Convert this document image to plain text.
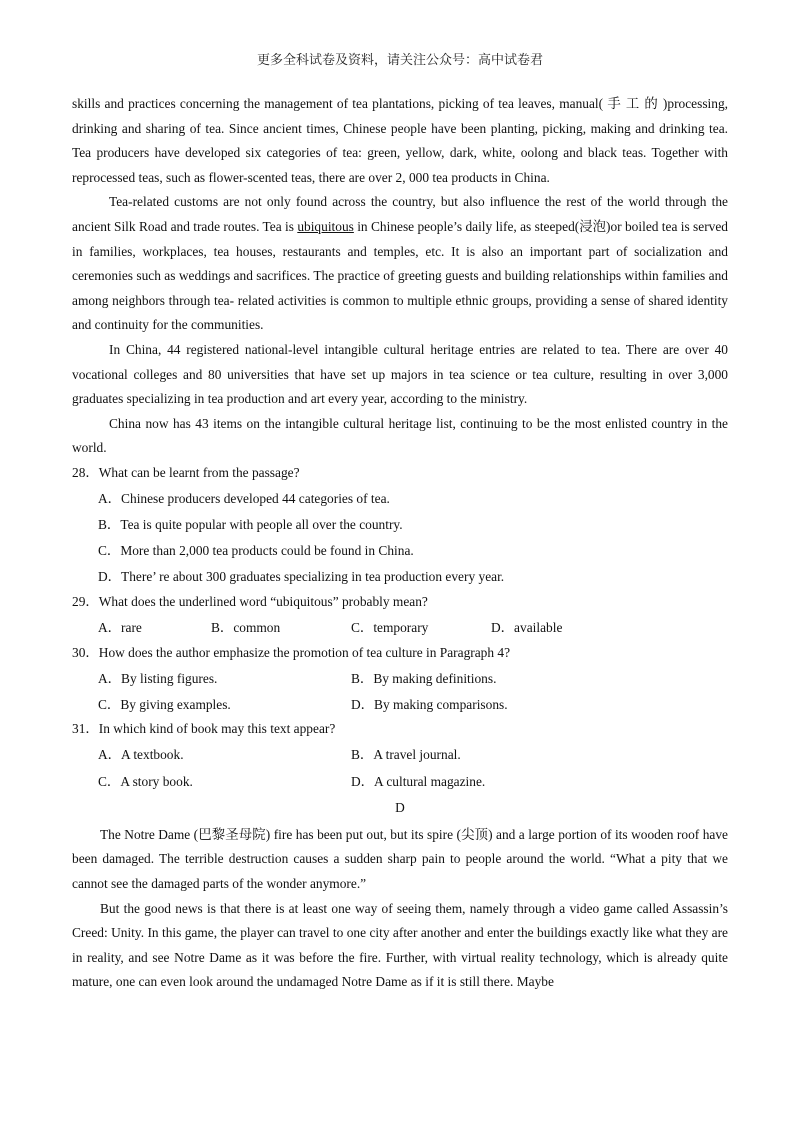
更多全科试卷及资料，请关注公众号：高中试卷君

skills and practices concerning the management of tea plantations, picking of tea leaves, manual( 手 工 的 )processing, drinking and sharing of tea. Since ancient times, Chinese people have been planting, picking, making and drinking tea. Tea producers have developed six categories of tea: green, yellow, dark, white, oolong and black teas. Together with reprocessed teas, such as flower-scented teas, there are over 2, 000 tea products in China.

Tea-related customs are not only found across the country, but also influence the rest of the world through the ancient Silk Road and trade routes. Tea is ubiquitous in Chinese people’s daily life, as steeped(浸泡)or boiled tea is served in families, workplaces, tea houses, restaurants and temples, etc. It is also an important part of socialization and ceremonies such as weddings and sacrifices. The practice of greeting guests and building relationships within families and among neighbors through tea- related activities is common to multiple ethnic groups, providing a sense of shared identity and continuity for the communities.

In China, 44 registered national-level intangible cultural heritage entries are related to tea. There are over 40 vocational colleges and 80 universities that have set up majors in tea science or tea culture, resulting in over 3,000 graduates specializing in tea production and art every year, according to the ministry.

China now has 43 items on the intangible cultural heritage list, continuing to be the most enlisted country in the world.

28．What can be learnt from the passage?

A．Chinese producers developed 44 categories of tea.

B．Tea is quite popular with people all over the country.

C．More than 2,000 tea products could be found in China.

D．There’ re about 300 graduates specializing in tea production every year.

29．What does the underlined word “ubiquitous” probably mean?

A．rare	B．common	C．temporary	D．available

30．How does the author emphasize the promotion of tea culture in Paragraph 4?

A．By listing figures.	B．By making definitions.
C．By giving examples.	D．By making comparisons.

31．In which kind of book may this text appear?

A．A textbook.	B．A travel journal.
C．A story book.	D．A cultural magazine.

D

The Notre Dame (巴黎圣母院) fire has been put out, but its spire (尖顶) and a large portion of its wooden roof have been damaged. The terrible destruction causes a sudden sharp pain to people around the world. “What a pity that we cannot see the damaged parts of the wonder anymore.”

But the good news is that there is at least one way of seeing them, namely through a video game called Assassin’s Creed: Unity. In this game, the player can travel to one city after another and enter the buildings exactly like what they are in reality, and see Notre Dame as it was before the fire. Further, with virtual reality technology, which is already quite mature, one can even look around the undamaged Notre Dame as if it is still there. Maybe
